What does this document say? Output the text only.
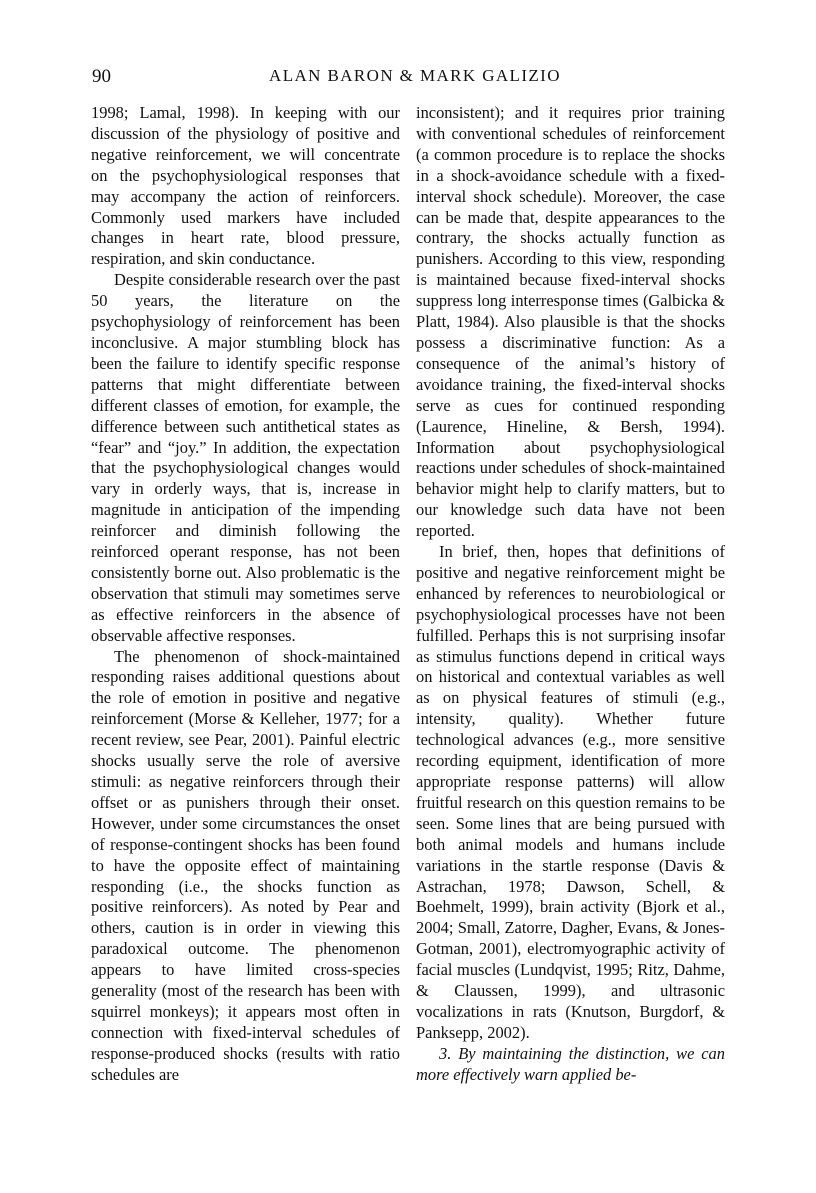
90	ALAN BARON & MARK GALIZIO

1998; Lamal, 1998). In keeping with our discussion of the physiology of positive and negative reinforcement, we will concentrate on the psychophysiological responses that may accompany the action of reinforcers. Commonly used markers have included changes in heart rate, blood pressure, respiration, and skin conductance.

Despite considerable research over the past 50 years, the literature on the psychophysiology of reinforcement has been inconclusive. A major stumbling block has been the failure to identify specific response patterns that might differentiate between different classes of emotion, for example, the difference between such antithetical states as “fear” and “joy.” In addition, the expectation that the psychophysiological changes would vary in orderly ways, that is, increase in magnitude in anticipation of the impending reinforcer and diminish following the reinforced operant response, has not been consistently borne out. Also problematic is the observation that stimuli may sometimes serve as effective reinforcers in the absence of observable affective responses.

The phenomenon of shock-maintained responding raises additional questions about the role of emotion in positive and negative reinforcement (Morse & Kelleher, 1977; for a recent review, see Pear, 2001). Painful electric shocks usually serve the role of aversive stimuli: as negative reinforcers through their offset or as punishers through their onset. However, under some circumstances the onset of response-contingent shocks has been found to have the opposite effect of maintaining responding (i.e., the shocks function as positive reinforcers). As noted by Pear and others, caution is in order in viewing this paradoxical outcome. The phenomenon appears to have limited cross-species generality (most of the research has been with squirrel monkeys); it appears most often in connection with fixed-interval schedules of response-produced shocks (results with ratio schedules are

inconsistent); and it requires prior training with conventional schedules of reinforcement (a common procedure is to replace the shocks in a shock-avoidance schedule with a fixed-interval shock schedule). Moreover, the case can be made that, despite appearances to the contrary, the shocks actually function as punishers. According to this view, responding is maintained because fixed-interval shocks suppress long interresponse times (Galbicka & Platt, 1984). Also plausible is that the shocks possess a discriminative function: As a consequence of the animal’s history of avoidance training, the fixed-interval shocks serve as cues for continued responding (Laurence, Hineline, & Bersh, 1994). Information about psychophysiological reactions under schedules of shock-maintained behavior might help to clarify matters, but to our knowledge such data have not been reported.

In brief, then, hopes that definitions of positive and negative reinforcement might be enhanced by references to neurobiological or psychophysiological processes have not been fulfilled. Perhaps this is not surprising insofar as stimulus functions depend in critical ways on historical and contextual variables as well as on physical features of stimuli (e.g., intensity, quality). Whether future technological advances (e.g., more sensitive recording equipment, identification of more appropriate response patterns) will allow fruitful research on this question remains to be seen. Some lines that are being pursued with both animal models and humans include variations in the startle response (Davis & Astrachan, 1978; Dawson, Schell, & Boehmelt, 1999), brain activity (Bjork et al., 2004; Small, Zatorre, Dagher, Evans, & Jones-Gotman, 2001), electromyographic activity of facial muscles (Lundqvist, 1995; Ritz, Dahme, & Claussen, 1999), and ultrasonic vocalizations in rats (Knutson, Burgdorf, & Panksepp, 2002).

3. By maintaining the distinction, we can more effectively warn applied be-
